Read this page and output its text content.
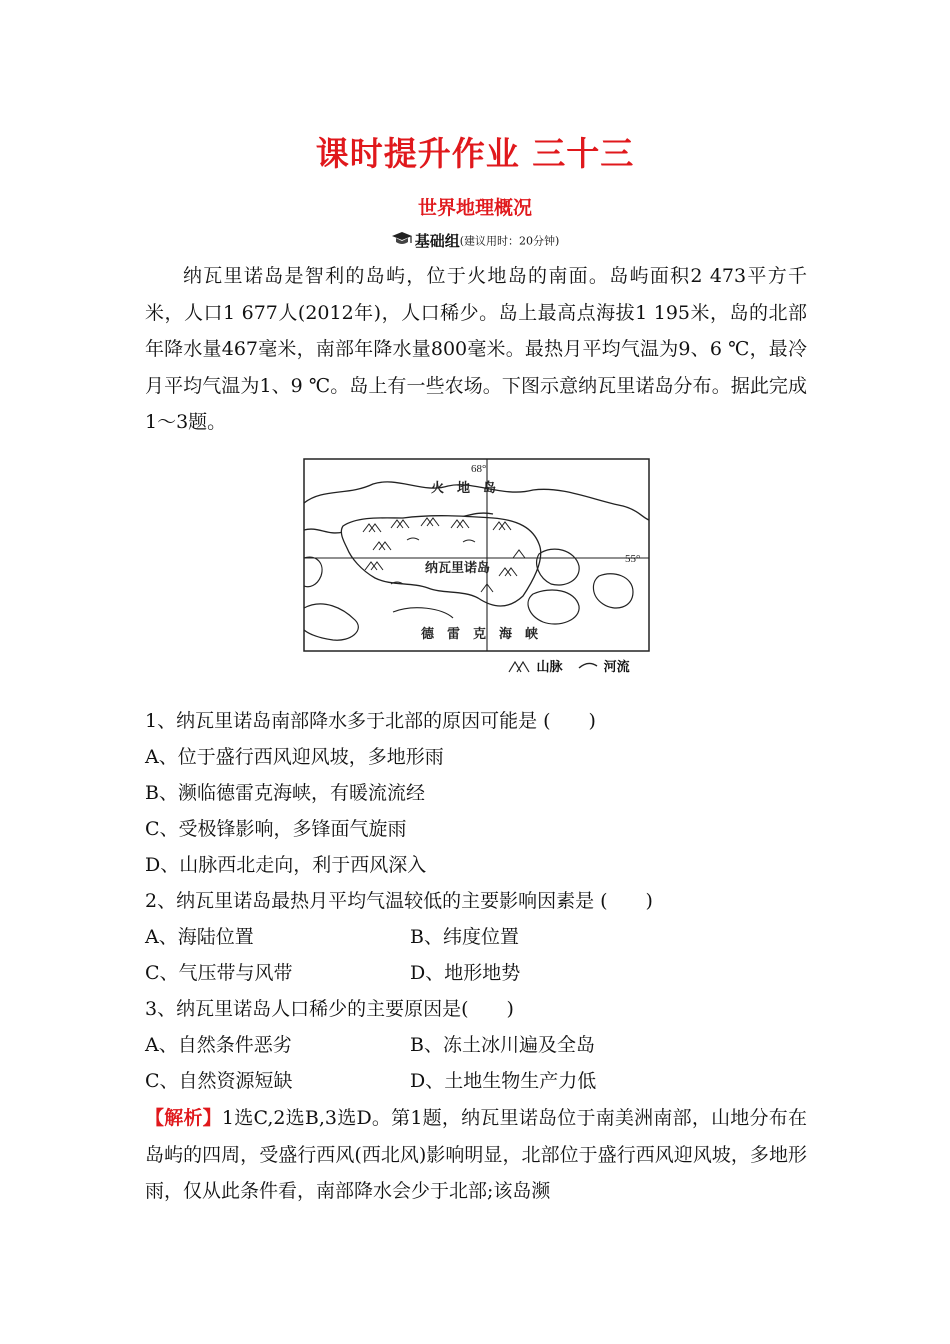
课时提升作业 三十三
世界地理概况
基础组(建议用时：20分钟)
纳瓦里诺岛是智利的岛屿，位于火地岛的南面。岛屿面积2 473平方千米，人口1 677人(2012年)，人口稀少。岛上最高点海拔1 195米，岛的北部年降水量467毫米，南部年降水量800毫米。最热月平均气温为9、6 ℃，最冷月平均气温为1、9 ℃。岛上有一些农场。下图示意纳瓦里诺岛分布。据此完成1～3题。
68°
55°
火　地　岛
纳瓦里诺岛
德　雷　克　海　峡
山脉	河流
1、纳瓦里诺岛南部降水多于北部的原因可能是 (　　)
A、位于盛行西风迎风坡，多地形雨
B、濒临德雷克海峡，有暖流流经
C、受极锋影响，多锋面气旋雨
D、山脉西北走向，利于西风深入
2、纳瓦里诺岛最热月平均气温较低的主要影响因素是 (　　)
A、海陆位置	B、纬度位置
C、气压带与风带	D、地形地势
3、纳瓦里诺岛人口稀少的主要原因是(　　)
A、自然条件恶劣	B、冻土冰川遍及全岛
C、自然资源短缺	D、土地生物生产力低
【解析】1选C,2选B,3选D。第1题，纳瓦里诺岛位于南美洲南部，山地分布在岛屿的四周，受盛行西风(西北风)影响明显，北部位于盛行西风迎风坡，多地形雨，仅从此条件看，南部降水会少于北部;该岛濒
